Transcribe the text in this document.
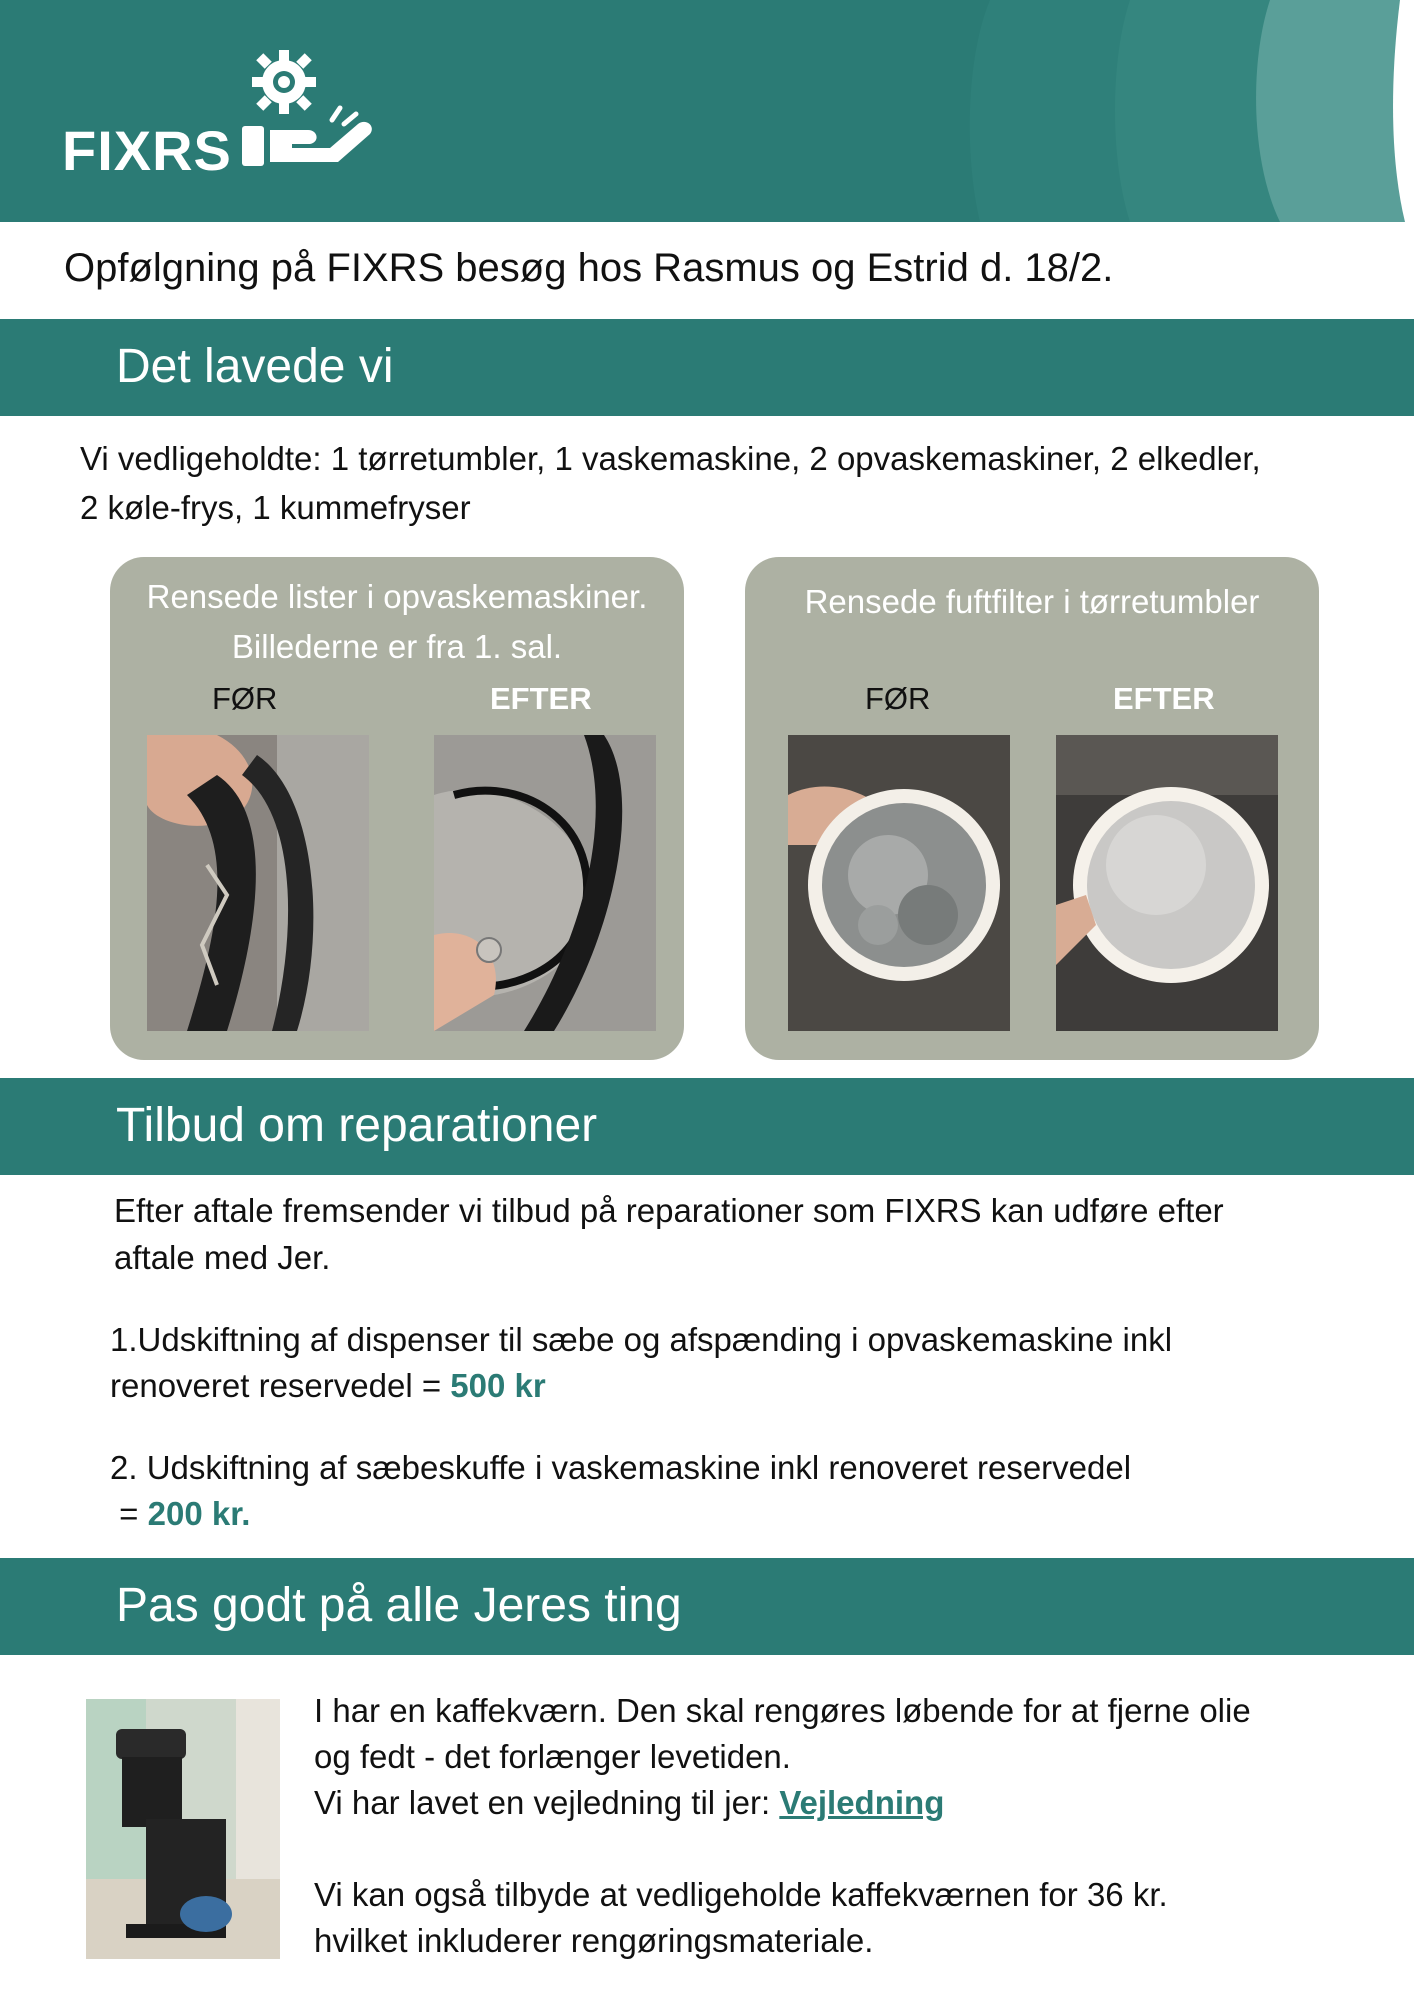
FIXRS
Opfølgning på FIXRS besøg hos Rasmus og Estrid d. 18/2.
Det lavede vi
Vi vedligeholdte: 1 tørretumbler, 1 vaskemaskine, 2 opvaskemaskiner, 2 elkedler, 2 køle-frys, 1 kummefryser
Rensede lister i opvaskemaskiner.
Billederne er fra 1. sal.
FØR	EFTER
Rensede fuftfilter i tørretumbler
FØR	EFTER
Tilbud om reparationer
Efter aftale fremsender vi tilbud på reparationer som FIXRS kan udføre efter
aftale med Jer.
1.Udskiftning af dispenser til sæbe og afspænding i opvaskemaskine inkl
renoveret reservedel = 500 kr
2. Udskiftning af sæbeskuffe i vaskemaskine inkl renoveret reservedel
= 200 kr.
Pas godt på alle Jeres ting
I har en kaffekværn. Den skal rengøres løbende for at fjerne olie
og fedt - det forlænger levetiden.
Vi har lavet en vejledning til jer: Vejledning
Vi kan også tilbyde at vedligeholde kaffekværnen for 36 kr.
hvilket inkluderer rengøringsmateriale.
